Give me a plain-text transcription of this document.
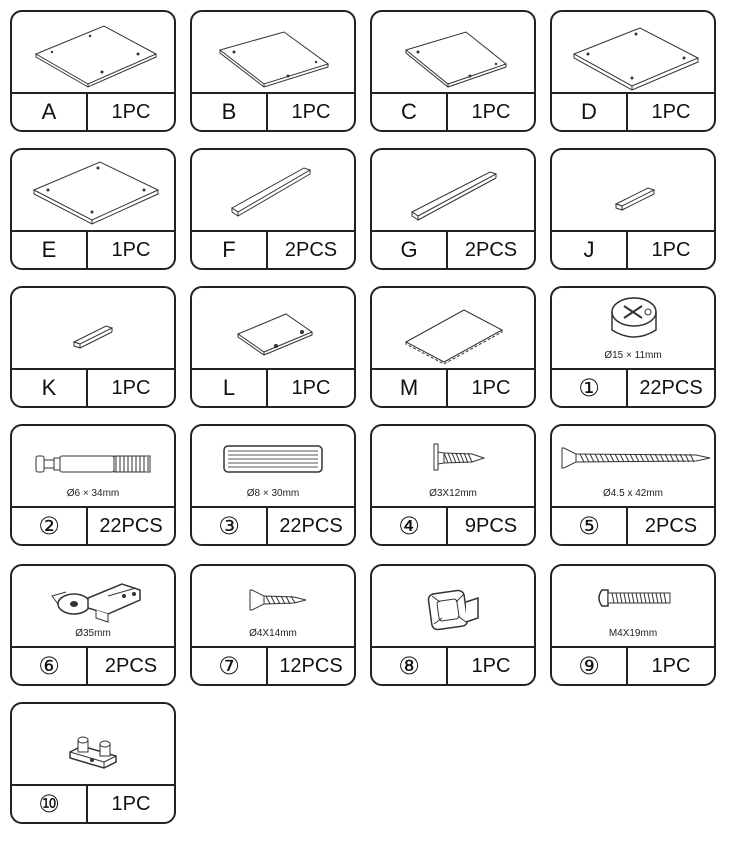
A	1PC	B	1PC	C	1PC	D	1PC
E	1PC	F	2PCS	G	2PCS	J	1PC
K	1PC	L	1PC	M	1PC
Ø15 × 11mm
①	22PCS
Ø6 × 34mm
②	22PCS
Ø8 × 30mm
③	22PCS
Ø3X12mm
④	9PCS
Ø4.5 x 42mm
⑤	2PCS
Ø35mm
⑥	2PCS
Ø4X14mm
⑦	12PCS	⑧	1PC
M4X19mm
⑨	1PC
⑩	1PC
